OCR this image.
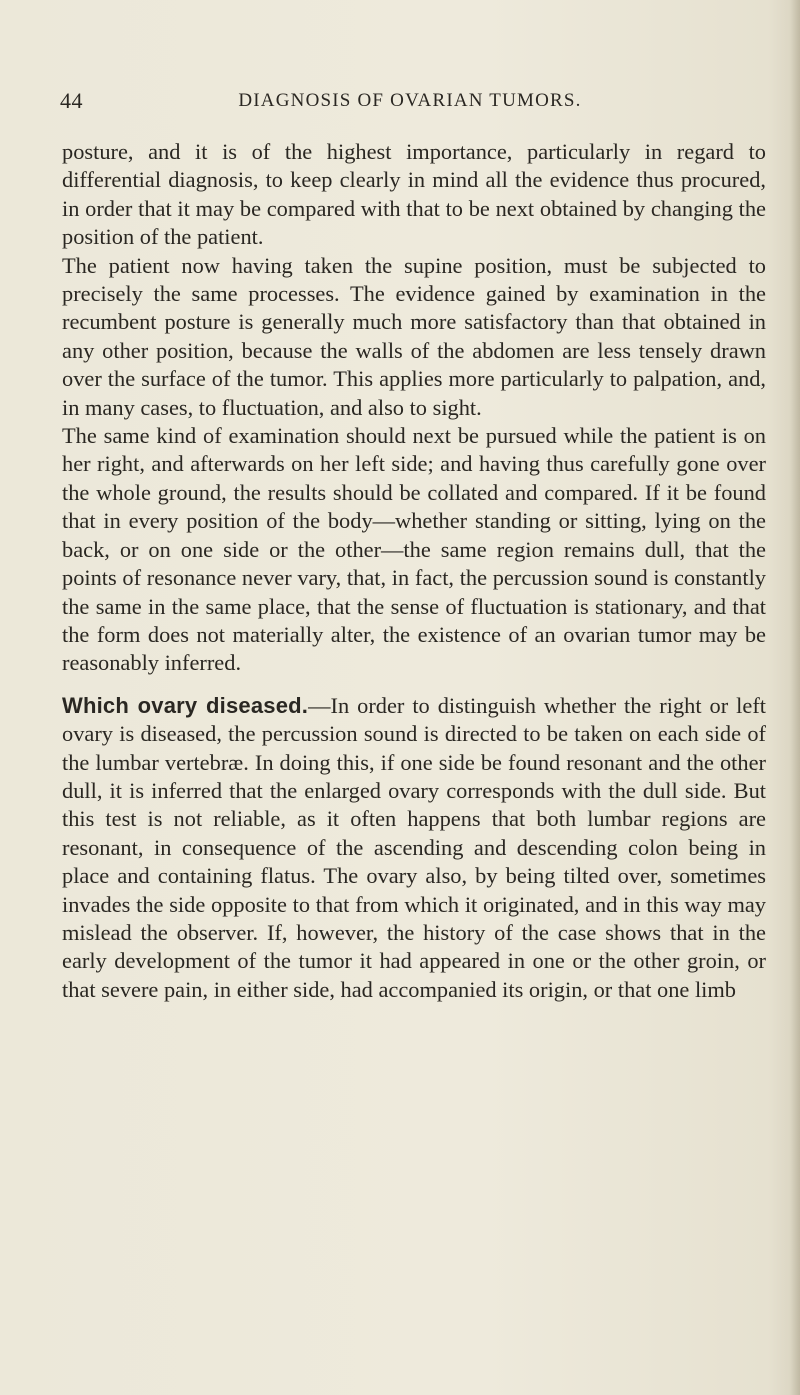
44	DIAGNOSIS OF OVARIAN TUMORS.

posture, and it is of the highest importance, particularly in regard to differential diagnosis, to keep clearly in mind all the evidence thus procured, in order that it may be compared with that to be next obtained by changing the position of the patient.

The patient now having taken the supine position, must be subjected to precisely the same processes. The evidence gained by examination in the recumbent posture is generally much more satisfactory than that obtained in any other position, because the walls of the abdomen are less tensely drawn over the surface of the tumor. This applies more particularly to palpation, and, in many cases, to fluctuation, and also to sight.

The same kind of examination should next be pursued while the patient is on her right, and afterwards on her left side; and having thus carefully gone over the whole ground, the results should be collated and compared. If it be found that in every position of the body—whether standing or sitting, lying on the back, or on one side or the other—the same region remains dull, that the points of resonance never vary, that, in fact, the percussion sound is constantly the same in the same place, that the sense of fluctuation is stationary, and that the form does not materially alter, the existence of an ovarian tumor may be reasonably inferred.

Which ovary diseased.—In order to distinguish whether the right or left ovary is diseased, the percussion sound is directed to be taken on each side of the lumbar vertebræ. In doing this, if one side be found resonant and the other dull, it is inferred that the enlarged ovary corresponds with the dull side. But this test is not reliable, as it often happens that both lumbar regions are resonant, in consequence of the ascending and descending colon being in place and containing flatus. The ovary also, by being tilted over, sometimes invades the side opposite to that from which it originated, and in this way may mislead the observer. If, however, the history of the case shows that in the early development of the tumor it had appeared in one or the other groin, or that severe pain, in either side, had accompanied its origin, or that one limb
